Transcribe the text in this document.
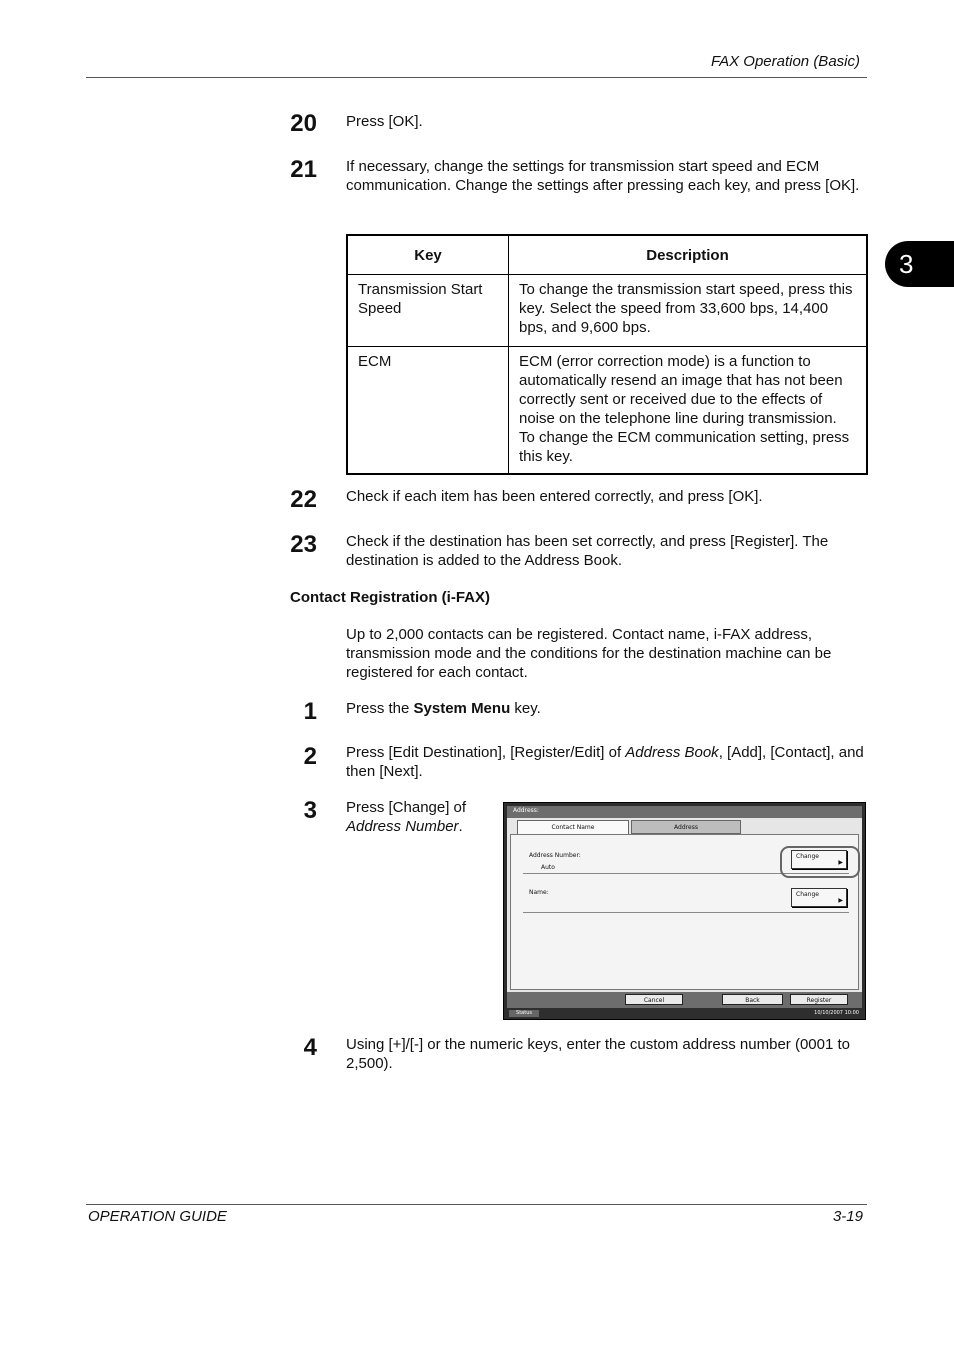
FAX Operation (Basic)
3
20 Press [OK].
21 If necessary, change the settings for transmission start speed and ECM communication. Change the settings after pressing each key, and press [OK].
Key	Description
Transmission Start Speed	To change the transmission start speed, press this key. Select the speed from 33,600 bps, 14,400 bps, and 9,600 bps.
ECM	ECM (error correction mode) is a function to automatically resend an image that has not been correctly sent or received due to the effects of noise on the telephone line during transmission. To change the ECM communication setting, press this key.
22 Check if each item has been entered correctly, and press [OK].
23 Check if the destination has been set correctly, and press [Register]. The destination is added to the Address Book.
Contact Registration (i-FAX)
Up to 2,000 contacts can be registered. Contact name, i-FAX address, transmission mode and the conditions for the destination machine can be registered for each contact.
1 Press the System Menu key.
2 Press [Edit Destination], [Register/Edit] of Address Book, [Add], [Contact], and then [Next].
3 Press [Change] of Address Number.
Address:
Contact Name	Address
Address Number:
Auto
Change
▶
Name:	Change
▶
Cancel	Back	Register
Status	10/10/2007 10:00
4 Using [+]/[-] or the numeric keys, enter the custom address number (0001 to 2,500).
OPERATION GUIDE	3-19
